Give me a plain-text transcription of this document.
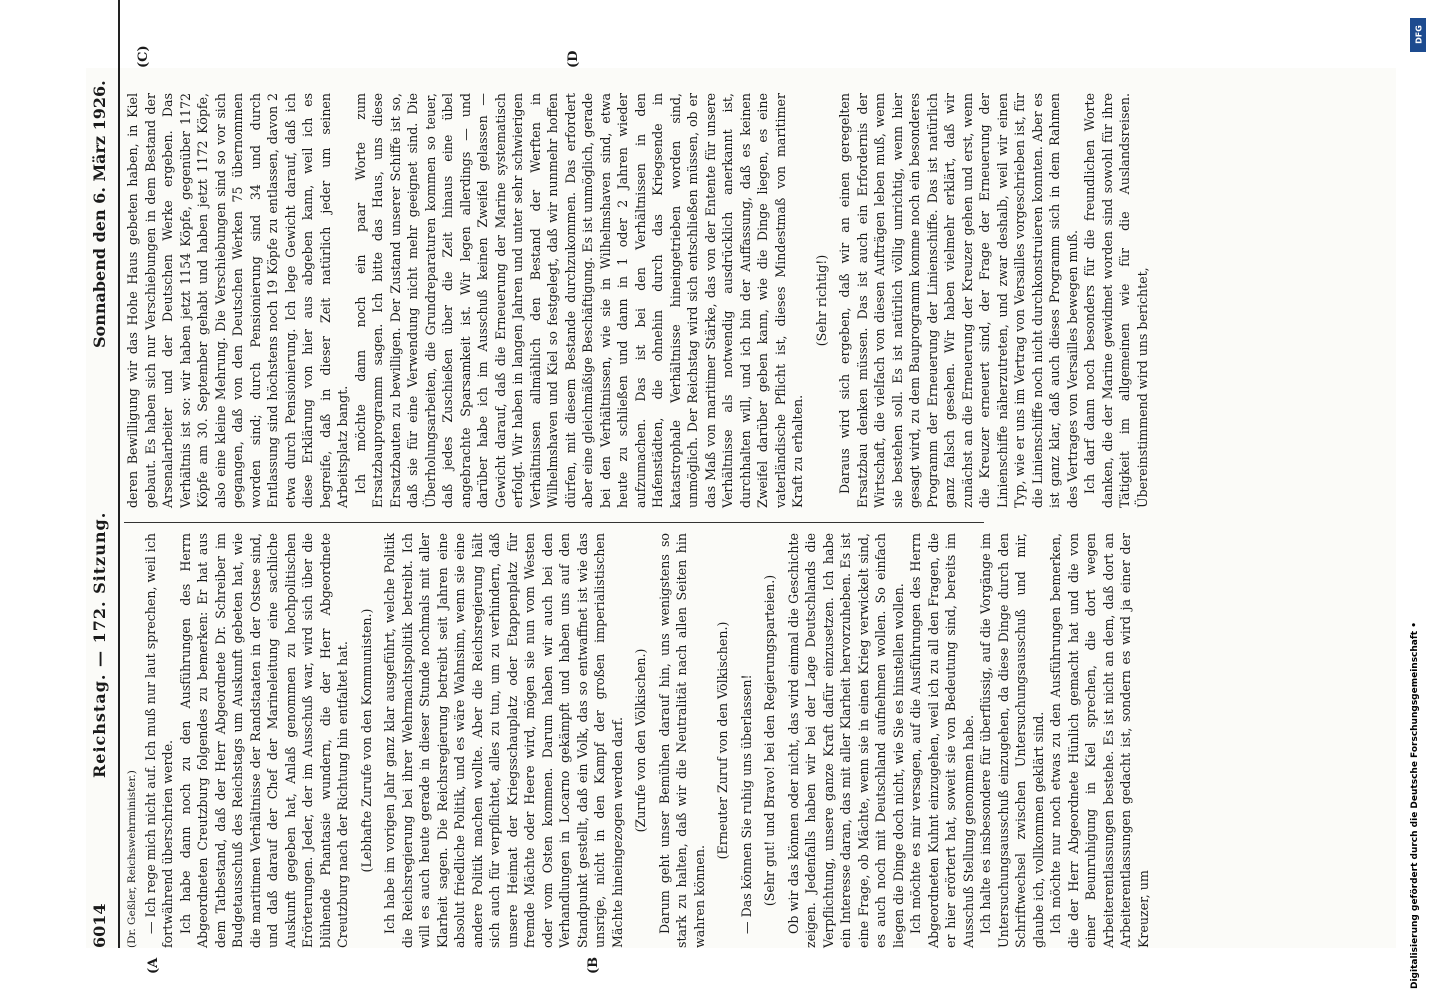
6014
Reichstag. — 172. Sitzung.
Sonnabend den 6. März 1926.
(A	(B
(C)	(D

(Dr. Geßler, Reichswehrminister.) — Ich rege mich nicht auf. Ich muß nur laut sprechen, weil ich fortwährend überschrien werde. Ich habe dann noch zu den Ausführungen des Herrn Abgeordneten Creutzburg folgendes zu bemerken: Er hat aus dem Tatbestand, daß der Herr Abgeordnete Dr. Schreiber im Budgetausschuß des Reichstags um Auskunft gebeten hat, wie die maritimen Verhältnisse der Randstaaten in der Ostsee sind, und daß darauf der Chef der Marineleitung eine sachliche Auskunft gegeben hat, Anlaß genommen zu hochpolitischen Erörterungen. Jeder, der im Ausschuß war, wird sich über die blühende Phantasie wundern, die der Herr Abgeordnete Creutzburg nach der Richtung hin entfaltet hat. (Lebhafte Zurufe von den Kommunisten.) Ich habe im vorigen Jahr ganz klar ausgeführt, welche Politik die Reichsregierung bei ihrer Wehrmachtspolitik betreibt. Ich will es auch heute gerade in dieser Stunde nochmals mit aller Klarheit sagen. Die Reichsregierung betreibt seit Jahren eine absolut friedliche Politik, und es wäre Wahnsinn, wenn sie eine andere Politik machen wollte. Aber die Reichsregierung hält sich auch für verpflichtet, alles zu tun, um zu verhindern, daß unsere Heimat der Kriegsschauplatz oder Etappenplatz für fremde Mächte oder Heere wird, mögen sie nun vom Westen oder vom Osten kommen. Darum haben wir auch bei den Verhandlungen in Locarno gekämpft und haben uns auf den Standpunkt gestellt, daß ein Volk, das so entwaffnet ist wie das unsrige, nicht in den Kampf der großen imperialistischen Mächte hineingezogen werden darf. (Zurufe von den Völkischen.) Darum geht unser Bemühen darauf hin, uns wenigstens so stark zu halten, daß wir die Neutralität nach allen Seiten hin wahren können.

(Erneuter Zuruf von den Völkischen.) — Das können Sie ruhig uns überlassen! (Sehr gut! und Bravo! bei den Regierungsparteien.) Ob wir das können oder nicht, das wird einmal die Geschichte zeigen. Jedenfalls haben wir bei der Lage Deutschlands die Verpflichtung, unsere ganze Kraft dafür einzusetzen. Ich habe ein Interesse daran, das mit aller Klarheit hervorzuheben. Es ist eine Frage, ob Mächte, wenn sie in einen Krieg verwickelt sind, es auch noch mit Deutschland aufnehmen wollen. So einfach liegen die Dinge doch nicht, wie Sie es hinstellen wollen. Ich möchte es mir versagen, auf die Ausführungen des Herrn Abgeordneten Kuhnt einzugehen, weil ich zu all den Fragen, die er hier erörtert hat, soweit sie von Bedeutung sind, bereits im Ausschuß Stellung genommen habe. Ich halte es insbesondere für überflüssig, auf die Vorgänge im Untersuchungsausschuß einzugehen, da diese Dinge durch den Schriftwechsel zwischen Untersuchungsausschuß und mir, glaube ich, vollkommen geklärt sind. Ich möchte nur noch etwas zu den Ausführungen bemerken, die der Herr Abgeordnete Hünlich gemacht hat und die von einer Beunruhigung in Kiel sprechen, die dort wegen Arbeiterentlassungen bestehe. Es ist nicht an dem, daß dort an Arbeiterentlassungen gedacht ist, sondern es wird ja einer der Kreuzer, um

deren Bewilligung wir das Hohe Haus gebeten haben, in Kiel gebaut. Es haben sich nur Verschiebungen in dem Bestand der Arsenalarbeiter und der Deutschen Werke ergeben. Das Verhältnis ist so: wir haben jetzt 1154 Köpfe, gegenüber 1172 Köpfe am 30. September gehabt und haben jetzt 1172 Köpfe, also eine kleine Mehrung. Die Verschiebungen sind so vor sich gegangen, daß von den Deutschen Werken 75 übernommen worden sind; durch Pensionierung sind 34 und durch Entlassung sind höchstens noch 19 Köpfe zu entlassen, davon 2 etwa durch Pensionierung. Ich lege Gewicht darauf, daß ich diese Erklärung von hier aus abgeben kann, weil ich es begreife, daß in dieser Zeit natürlich jeder um seinen Arbeitsplatz bangt. Ich möchte dann noch ein paar Worte zum Ersatzbauprogramm sagen. Ich bitte das Haus, uns diese Ersatzbauten zu bewilligen. Der Zustand unserer Schiffe ist so, daß sie für eine Verwendung nicht mehr geeignet sind. Die Überholungsarbeiten, die Grundreparaturen kommen so teuer, daß jedes Zuschießen über die Zeit hinaus eine übel angebrachte Sparsamkeit ist. Wir legen allerdings — und darüber habe ich im Ausschuß keinen Zweifel gelassen — Gewicht darauf, daß die Erneuerung der Marine systematisch erfolgt. Wir haben in langen Jahren und unter sehr schwierigen Verhältnissen allmählich den Bestand der Werften in Wilhelmshaven und Kiel so festgelegt, daß wir nunmehr hoffen dürfen, mit diesem Bestande durchzukommen. Das erfordert aber eine gleichmäßige Beschäftigung. Es ist unmöglich, gerade bei den Verhältnissen, wie sie in Wilhelmshaven sind, etwa heute zu schließen und dann in 1 oder 2 Jahren wieder aufzumachen. Das ist bei den Verhältnissen in den Hafenstädten, die ohnehin durch das Kriegsende in katastrophale Verhältnisse hineingetrieben worden sind, unmöglich. Der Reichstag wird sich entschließen müssen, ob er das Maß von maritimer Stärke, das von der Entente für unsere Verhältnisse als notwendig ausdrücklich anerkannt ist, durchhalten will, und ich bin der Auffassung, daß es keinen Zweifel darüber geben kann, wie die Dinge liegen, es eine vaterländische Pflicht ist, dieses Mindestmaß von maritimer Kraft zu erhalten.

(Sehr richtig!) Daraus wird sich ergeben, daß wir an einen geregelten Ersatzbau denken müssen. Das ist auch ein Erfordernis der Wirtschaft, die vielfach von diesen Aufträgen leben muß, wenn sie bestehen soll. Es ist natürlich völlig unrichtig, wenn hier gesagt wird, zu dem Bauprogramm komme noch ein besonderes Programm der Erneuerung der Linienschiffe. Das ist natürlich ganz falsch gesehen. Wir haben vielmehr erklärt, daß wir zunächst an die Erneuerung der Kreuzer gehen und erst, wenn die Kreuzer erneuert sind, der Frage der Erneuerung der Linienschiffe näherzutreten, und zwar deshalb, weil wir einen Typ, wie er uns im Vertrag von Versailles vorgeschrieben ist, für die Linienschiffe noch nicht durchkonstruieren konnten. Aber es ist ganz klar, daß auch dieses Programm sich in dem Rahmen des Vertrages von Versailles bewegen muß. Ich darf dann noch besonders für die freundlichen Worte danken, die der Marine gewidmet worden sind sowohl für ihre Tätigkeit im allgemeinen wie für die Auslandsreisen. Übereinstimmend wird uns berichtet,

DFG
Digitalisierung gefördert durch die Deutsche Forschungsgemeinschaft •
